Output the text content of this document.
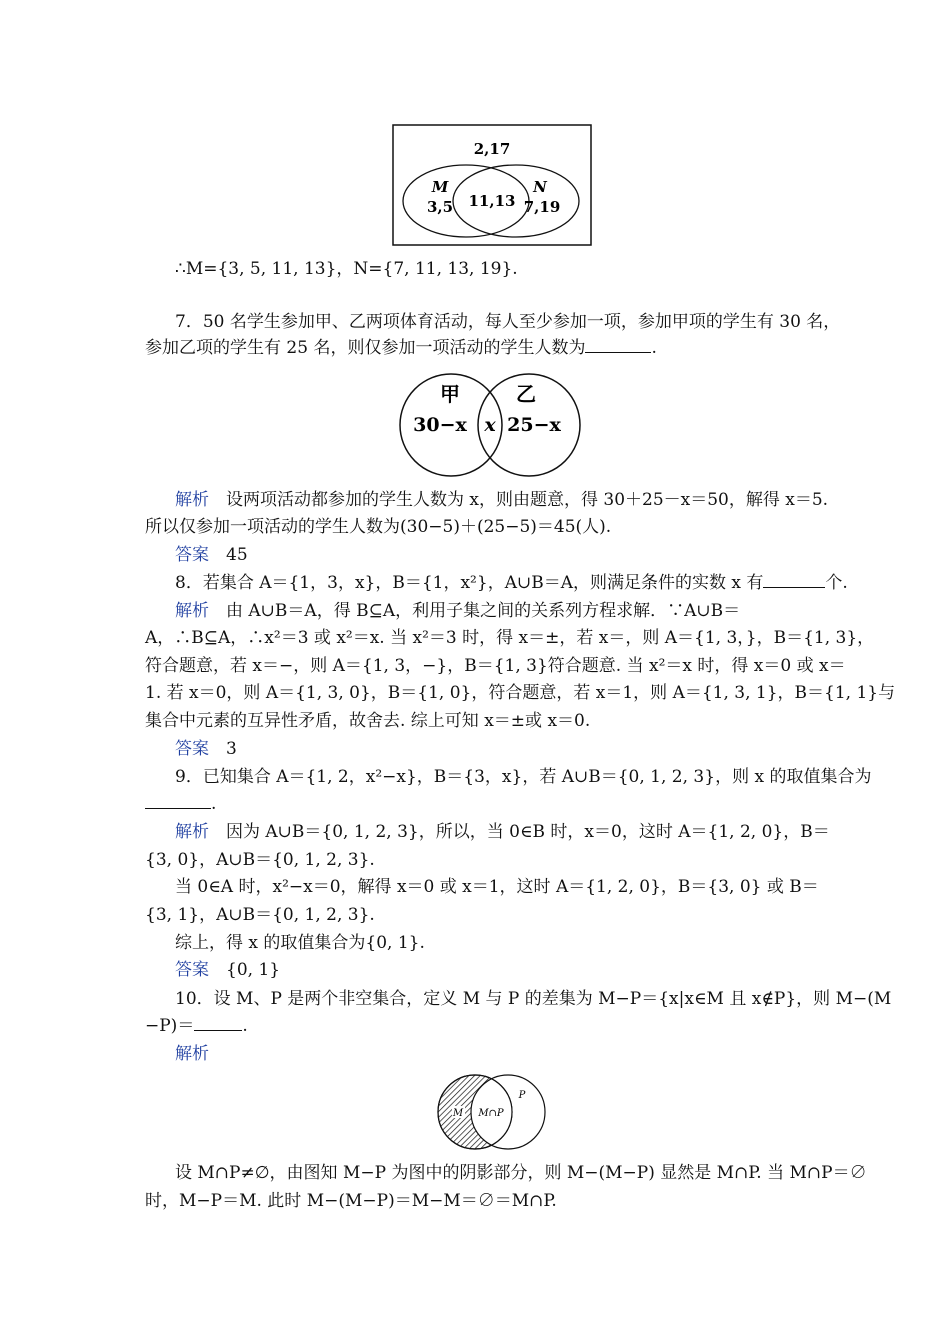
2,17
M
3,5 11,13
N
7,19
∴M={3, 5, 11, 13}，N={7, 11, 13, 19}.
7．50 名学生参加甲、乙两项体育活动，每人至少参加一项，参加甲项的学生有 30 名，
参加乙项的学生有 25 名，则仅参加一项活动的学生人数为	.
甲	乙
30−x x 25−x
解析　 设两项活动都参加的学生人数为 x，则由题意，得 30＋25－x＝50，解得 x＝5.
所以仅参加一项活动的学生人数为(30−5)＋(25−5)＝45(人).
答案　 45
8．若集合 A＝{1，3，x}，B＝{1，x²}，A∪B＝A，则满足条件的实数 x 有	个.
解析　 由 A∪B＝A，得 B⊆A，利用子集之间的关系列方程求解．∵A∪B＝
A，∴B⊆A，∴x²＝3 或 x²＝x. 当 x²＝3 时，得 x＝±，若 x＝，则 A＝{1, 3，}，B＝{1, 3}，
符合题意，若 x＝−，则 A＝{1, 3，−}，B＝{1, 3}符合题意. 当 x²＝x 时，得 x＝0 或 x＝
1. 若 x＝0，则 A＝{1, 3, 0}，B＝{1, 0}，符合题意，若 x＝1，则 A＝{1, 3, 1}，B＝{1, 1}与
集合中元素的互异性矛盾，故舍去. 综上可知 x＝±或 x＝0.
答案　 3
9．已知集合 A＝{1, 2，x²−x}，B＝{3，x}，若 A∪B＝{0, 1, 2, 3}，则 x 的取值集合为
.
解析　 因为 A∪B＝{0, 1, 2, 3}，所以，当 0∈B 时，x＝0，这时 A＝{1, 2, 0}，B＝
{3, 0}，A∪B＝{0, 1, 2, 3}.
当 0∈A 时，x²−x＝0，解得 x＝0 或 x＝1，这时 A＝{1, 2, 0}，B＝{3, 0} 或 B＝
{3, 1}，A∪B＝{0, 1, 2, 3}.
综上，得 x 的取值集合为{0, 1}.
答案　 {0, 1}
10．设 M、P 是两个非空集合，定义 M 与 P 的差集为 M−P＝{x|x∈M 且 x∉P}，则 M−(M
−P)＝	.
解析
M M∩P
P
设 M∩P≠∅，由图知 M−P 为图中的阴影部分，则 M−(M−P) 显然是 M∩P. 当 M∩P＝∅
时，M−P＝M. 此时 M−(M−P)＝M−M＝∅＝M∩P.
